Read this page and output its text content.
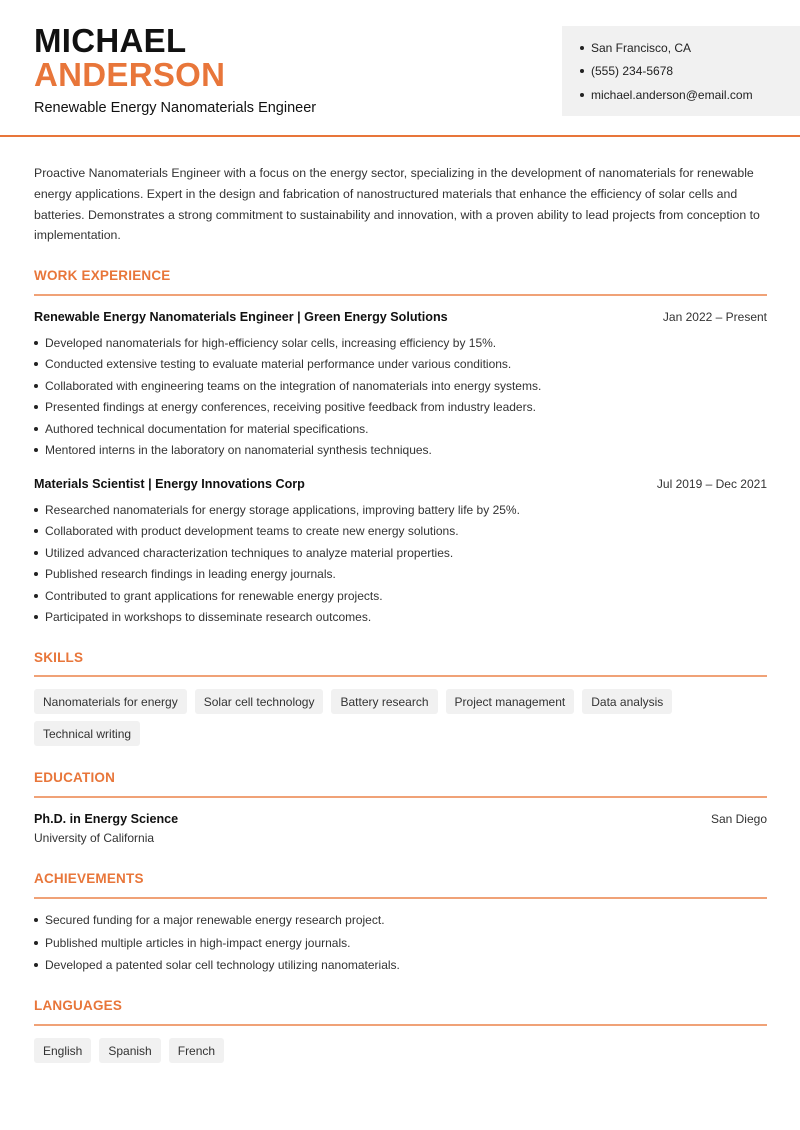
MICHAEL
ANDERSON
Renewable Energy Nanomaterials Engineer
San Francisco, CA
(555) 234-5678
michael.anderson@email.com

Proactive Nanomaterials Engineer with a focus on the energy sector, specializing in the development of nanomaterials for renewable energy applications. Expert in the design and fabrication of nanostructured materials that enhance the efficiency of solar cells and batteries. Demonstrates a strong commitment to sustainability and innovation, with a proven ability to lead projects from conception to implementation.

WORK EXPERIENCE
Renewable Energy Nanomaterials Engineer | Green Energy Solutions	Jan 2022 – Present
Developed nanomaterials for high-efficiency solar cells, increasing efficiency by 15%.
Conducted extensive testing to evaluate material performance under various conditions.
Collaborated with engineering teams on the integration of nanomaterials into energy systems.
Presented findings at energy conferences, receiving positive feedback from industry leaders.
Authored technical documentation for material specifications.
Mentored interns in the laboratory on nanomaterial synthesis techniques.
Materials Scientist | Energy Innovations Corp	Jul 2019 – Dec 2021
Researched nanomaterials for energy storage applications, improving battery life by 25%.
Collaborated with product development teams to create new energy solutions.
Utilized advanced characterization techniques to analyze material properties.
Published research findings in leading energy journals.
Contributed to grant applications for renewable energy projects.
Participated in workshops to disseminate research outcomes.
SKILLS
Nanomaterials for energy	Solar cell technology	Battery research	Project management	Data analysis
Technical writing
EDUCATION
Ph.D. in Energy Science	San Diego
University of California
ACHIEVEMENTS
Secured funding for a major renewable energy research project.
Published multiple articles in high-impact energy journals.
Developed a patented solar cell technology utilizing nanomaterials.
LANGUAGES
English	Spanish	French
